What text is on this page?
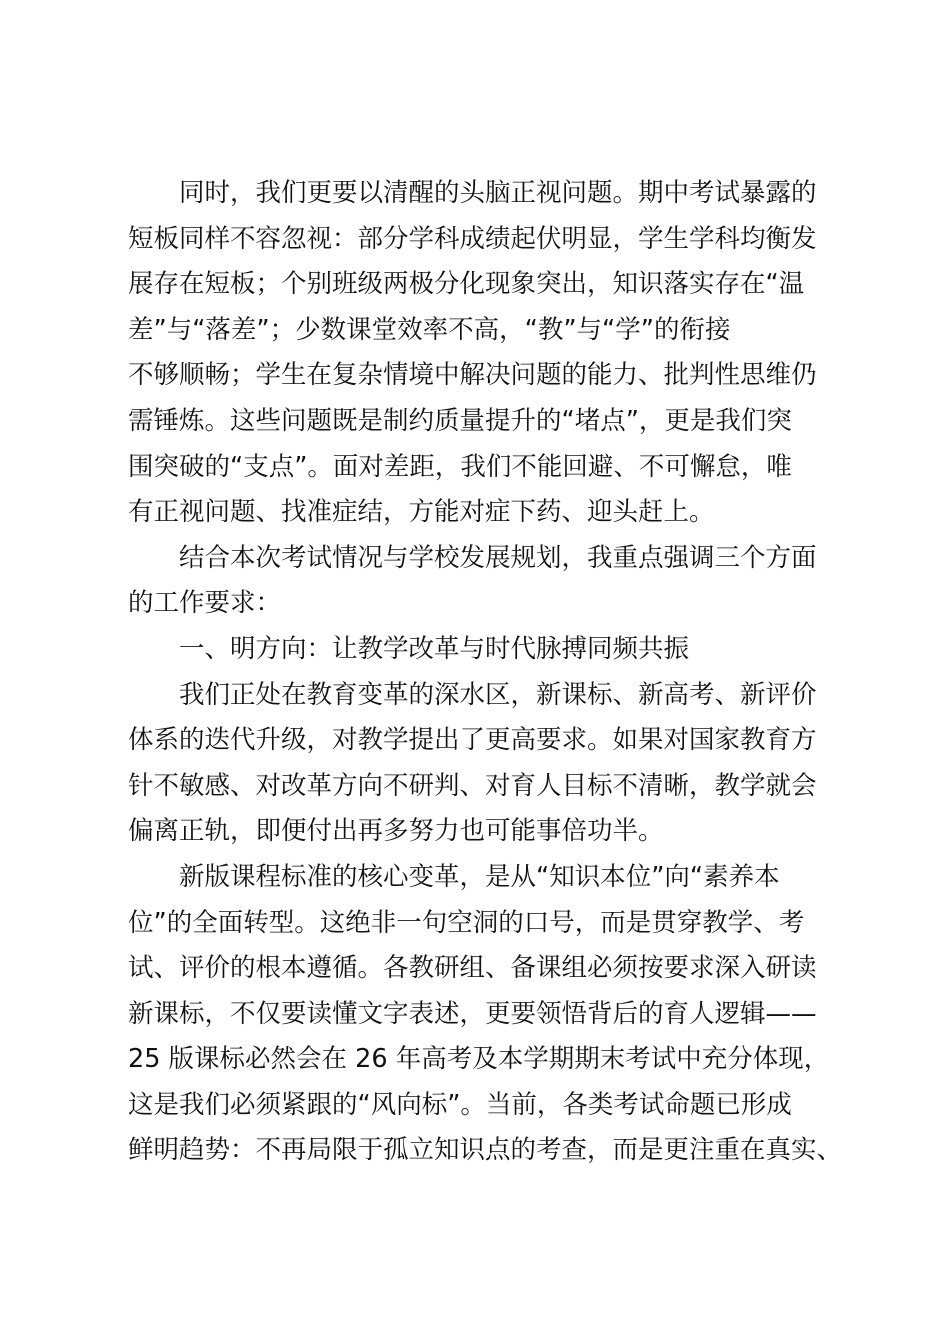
同时，我们更要以清醒的头脑正视问题。期中考试暴露的
短板同样不容忽视：部分学科成绩起伏明显，学生学科均衡发
展存在短板；个别班级两极分化现象突出，知识落实存在“温
差”与“落差”；少数课堂效率不高，“教”与“学”的衔接
不够顺畅；学生在复杂情境中解决问题的能力、批判性思维仍
需锤炼。这些问题既是制约质量提升的“堵点”，更是我们突
围突破的“支点”。面对差距，我们不能回避、不可懈怠，唯
有正视问题、找准症结，方能对症下药、迎头赶上。

结合本次考试情况与学校发展规划，我重点强调三个方面
的工作要求：

一、明方向：让教学改革与时代脉搏同频共振

我们正处在教育变革的深水区，新课标、新高考、新评价
体系的迭代升级，对教学提出了更高要求。如果对国家教育方
针不敏感、对改革方向不研判、对育人目标不清晰，教学就会
偏离正轨，即便付出再多努力也可能事倍功半。

新版课程标准的核心变革，是从“知识本位”向“素养本
位”的全面转型。这绝非一句空洞的口号，而是贯穿教学、考
试、评价的根本遵循。各教研组、备课组必须按要求深入研读
新课标，不仅要读懂文字表述，更要领悟背后的育人逻辑——
25 版课标必然会在 26 年高考及本学期期末考试中充分体现，
这是我们必须紧跟的“风向标”。当前，各类考试命题已形成
鲜明趋势：不再局限于孤立知识点的考查，而是更注重在真实、
